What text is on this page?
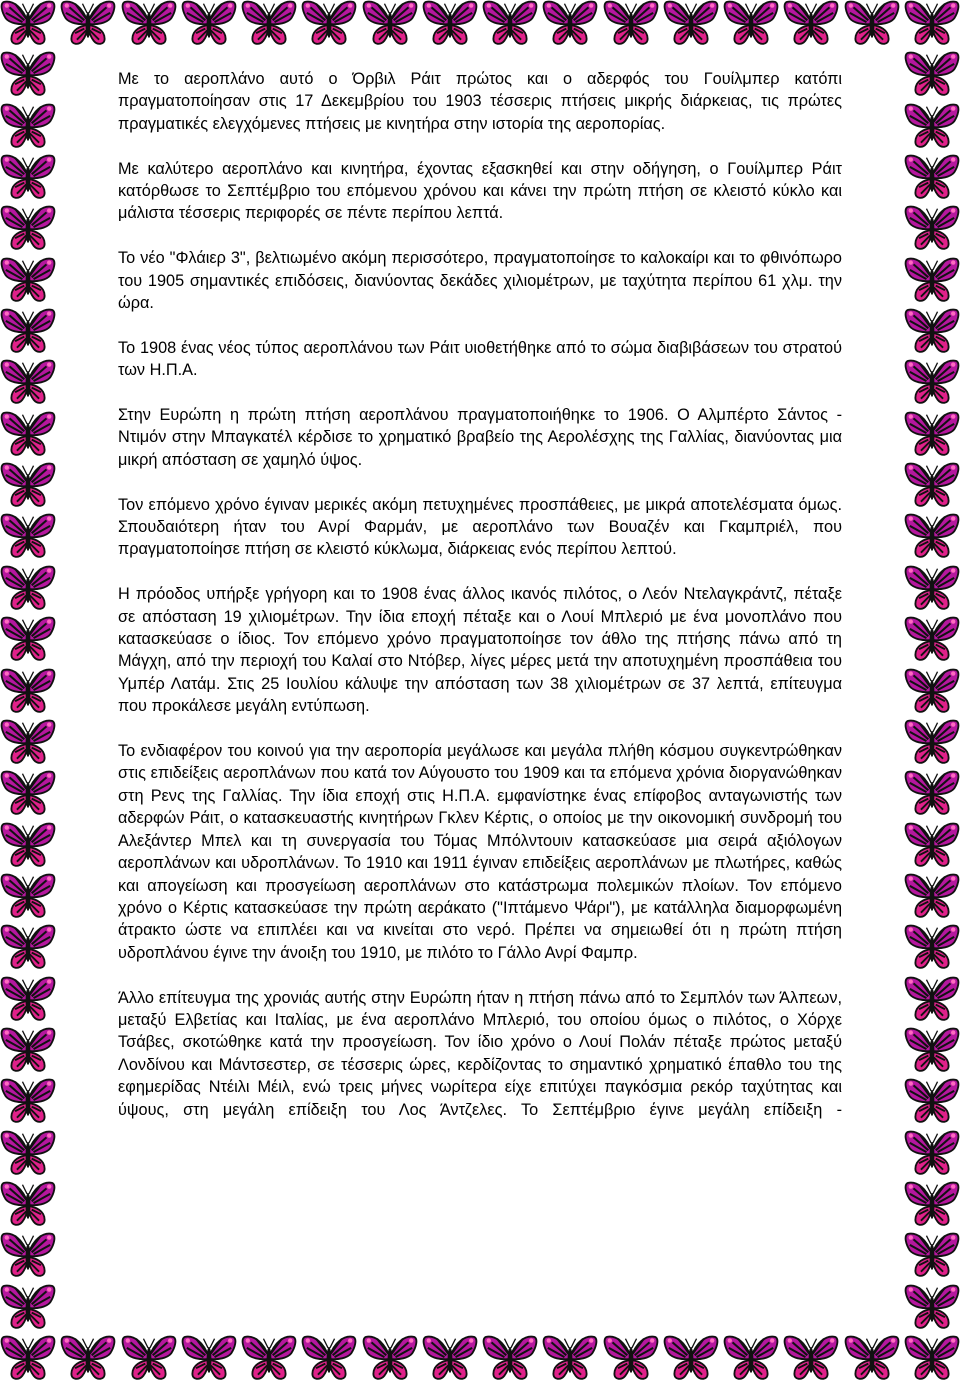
Με το αεροπλάνο αυτό ο Όρβιλ Ράιτ πρώτος και ο αδερφός του Γουίλμπερ κατόπι πραγματοποίησαν στις 17 Δεκεμβρίου του 1903 τέσσερις πτήσεις μικρής διάρκειας, τις πρώτες πραγματικές ελεγχόμενες πτήσεις με κινητήρα στην ιστορία της αεροπορίας.

Με καλύτερο αεροπλάνο και κινητήρα, έχοντας εξασκηθεί και στην οδήγηση, ο Γουίλμπερ Ράιτ κατόρθωσε το Σεπτέμβριο του επόμενου χρόνου και κάνει την πρώτη πτήση σε κλειστό κύκλο και μάλιστα τέσσερις περιφορές σε πέντε περίπου λεπτά.

Το νέο "Φλάιερ 3", βελτιωμένο ακόμη περισσότερο, πραγματοποίησε το καλοκαίρι και το φθινόπωρο του 1905 σημαντικές επιδόσεις, διανύοντας δεκάδες χιλιομέτρων, με ταχύτητα περίπου 61 χλμ. την ώρα.

Το 1908 ένας νέος τύπος αεροπλάνου των Ράιτ υιοθετήθηκε από το σώμα διαβιβάσεων του στρατού των Η.Π.Α.

Στην Ευρώπη η πρώτη πτήση αεροπλάνου πραγματοποιήθηκε το 1906. Ο Αλμπέρτο Σάντος - Ντιμόν στην Μπαγκατέλ κέρδισε το χρηματικό βραβείο της Αερολέσχης της Γαλλίας, διανύοντας μια μικρή απόσταση σε χαμηλό ύψος.

Τον επόμενο χρόνο έγιναν μερικές ακόμη πετυχημένες προσπάθειες, με μικρά αποτελέσματα όμως. Σπουδαιότερη ήταν του Ανρί Φαρμάν, με αεροπλάνο των Βουαζέν και Γκαμπριέλ, που πραγματοποίησε πτήση σε κλειστό κύκλωμα, διάρκειας ενός περίπου λεπτού.

Η πρόοδος υπήρξε γρήγορη και το 1908 ένας άλλος ικανός πιλότος, ο Λεόν Ντελαγκράντζ, πέταξε σε απόσταση 19 χιλιομέτρων. Την ίδια εποχή πέταξε και ο Λουί Μπλεριό με ένα μονοπλάνο που κατασκεύασε ο ίδιος. Τον επόμενο χρόνο πραγματοποίησε τον άθλο της πτήσης πάνω από τη Μάγχη, από την περιοχή του Καλαί στο Ντόβερ, λίγες μέρες μετά την αποτυχημένη προσπάθεια του Υμπέρ Λατάμ. Στις 25 Ιουλίου κάλυψε την απόσταση των 38 χιλιομέτρων σε 37 λεπτά, επίτευγμα που προκάλεσε μεγάλη εντύπωση.

Το ενδιαφέρον του κοινού για την αεροπορία μεγάλωσε και μεγάλα πλήθη κόσμου συγκεντρώθηκαν στις επιδείξεις αεροπλάνων που κατά τον Αύγουστο του 1909 και τα επόμενα χρόνια διοργανώθηκαν στη Ρενς της Γαλλίας. Την ίδια εποχή στις Η.Π.Α. εμφανίστηκε ένας επίφοβος ανταγωνιστής των αδερφών Ράιτ, ο κατασκευαστής κινητήρων Γκλεν Κέρτις, ο οποίος με την οικονομική συνδρομή του Αλεξάντερ Μπελ και τη συνεργασία του Τόμας Μπόλντουιν κατασκεύασε μια σειρά αξιόλογων αεροπλάνων και υδροπλάνων. Το 1910 και 1911 έγιναν επιδείξεις αεροπλάνων με πλωτήρες, καθώς και απογείωση και προσγείωση αεροπλάνων στο κατάστρωμα πολεμικών πλοίων. Τον επόμενο χρόνο ο Κέρτις κατασκεύασε την πρώτη αεράκατο ("Ιπτάμενο Ψάρι"), με κατάλληλα διαμορφωμένη άτρακτο ώστε να επιπλέει και να κινείται στο νερό. Πρέπει να σημειωθεί ότι η πρώτη πτήση υδροπλάνου έγινε την άνοιξη του 1910, με πιλότο το Γάλλο Ανρί Φαμπρ.

Άλλο επίτευγμα της χρονιάς αυτής στην Ευρώπη ήταν η πτήση πάνω από το Σεμπλόν των Άλπεων, μεταξύ Ελβετίας και Ιταλίας, με ένα αεροπλάνο Μπλεριό, του οποίου όμως ο πιλότος, ο Χόρχε Τσάβες, σκοτώθηκε κατά την προσγείωση. Τον ίδιο χρόνο ο Λουί Πολάν πέταξε πρώτος μεταξύ Λονδίνου και Μάντσεστερ, σε τέσσερις ώρες, κερδίζοντας το σημαντικό χρηματικό έπαθλο του της εφημερίδας Ντέιλι Μέιλ, ενώ τρεις μήνες νωρίτερα είχε επιτύχει παγκόσμια ρεκόρ ταχύτητας και ύψους, στη μεγάλη επίδειξη του Λος Άντζελες. Το Σεπτέμβριο έγινε μεγάλη επίδειξη -
